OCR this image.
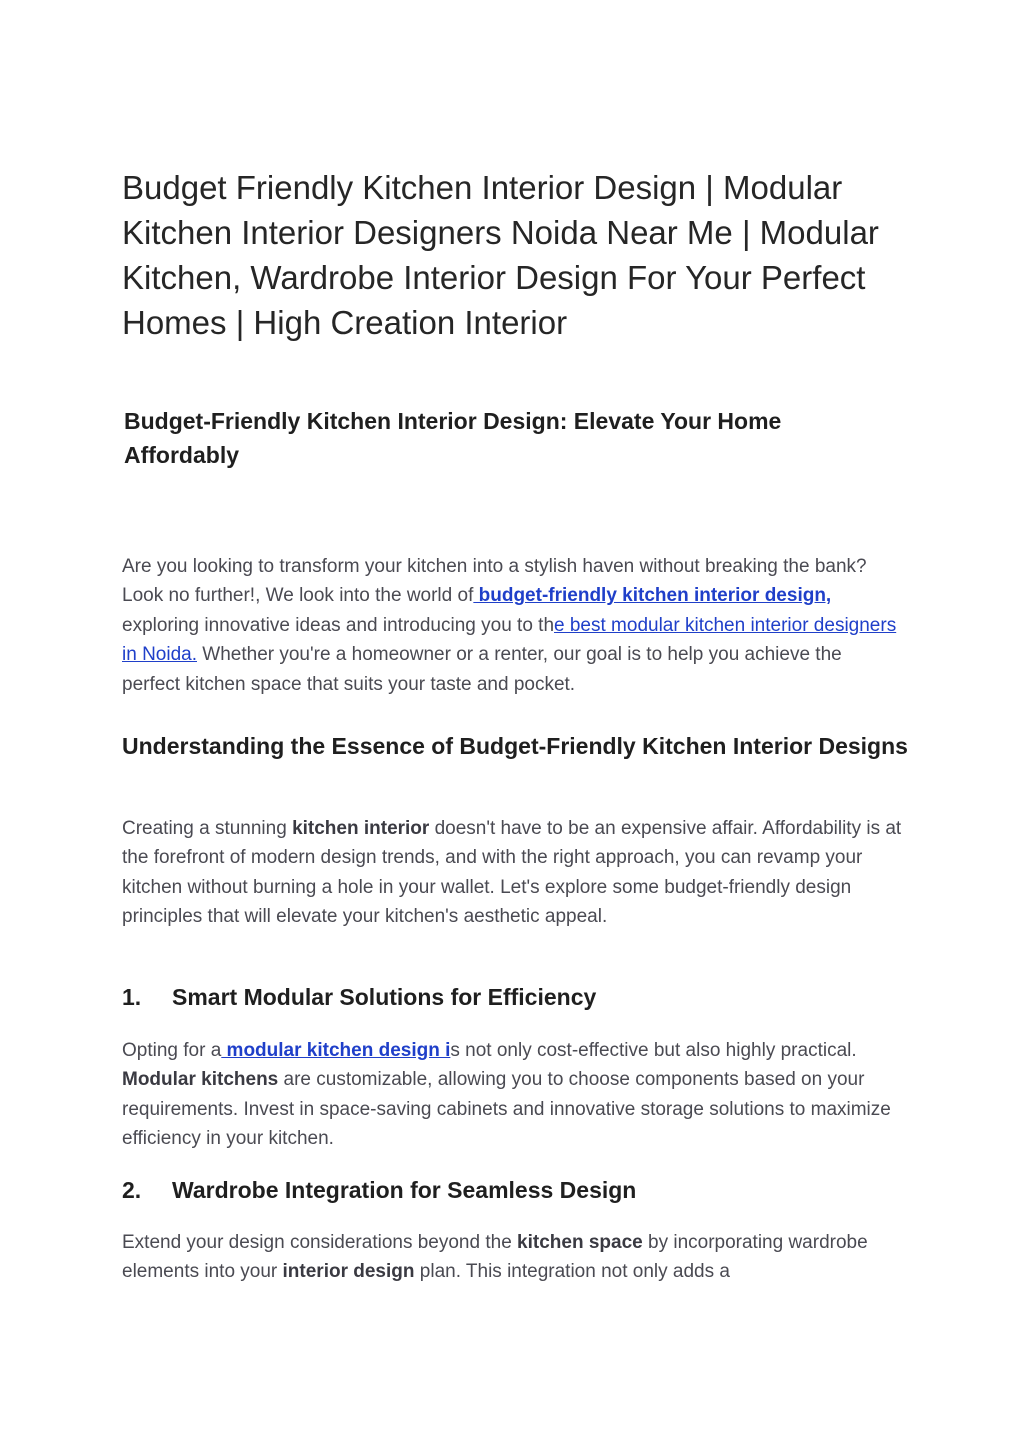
Budget Friendly Kitchen Interior Design | Modular Kitchen Interior Designers Noida Near Me | Modular Kitchen, Wardrobe Interior Design For Your Perfect Homes | High Creation Interior
Budget-Friendly Kitchen Interior Design: Elevate Your Home Affordably

Are you looking to transform your kitchen into a stylish haven without breaking the bank? Look no further!, We look into the world of budget-friendly kitchen interior design, exploring innovative ideas and introducing you to the best modular kitchen interior designers in Noida. Whether you're a homeowner or a renter, our goal is to help you achieve the perfect kitchen space that suits your taste and pocket.

Understanding the Essence of Budget-Friendly Kitchen Interior Designs

Creating a stunning kitchen interior doesn't have to be an expensive affair. Affordability is at the forefront of modern design trends, and with the right approach, you can revamp your kitchen without burning a hole in your wallet. Let's explore some budget-friendly design principles that will elevate your kitchen's aesthetic appeal.

1. Smart Modular Solutions for Efficiency

Opting for a modular kitchen design is not only cost-effective but also highly practical. Modular kitchens are customizable, allowing you to choose components based on your requirements. Invest in space-saving cabinets and innovative storage solutions to maximize efficiency in your kitchen.

2. Wardrobe Integration for Seamless Design

Extend your design considerations beyond the kitchen space by incorporating wardrobe elements into your interior design plan. This integration not only adds a
